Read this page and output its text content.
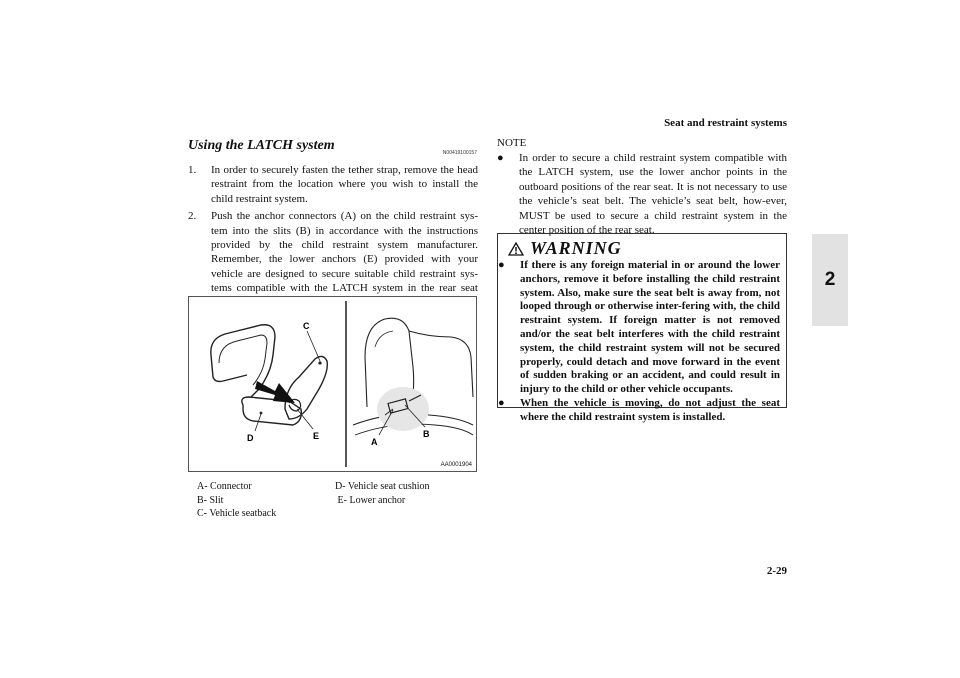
Seat and restraint systems
2
Using the LATCH system	N00419100157
1.	In order to securely fasten the tether strap, remove the head restraint from the location where you wish to install the child restraint system.
2.	Push the anchor connectors (A) on the child restraint sys-tem into the slits (B) in accordance with the instructions provided by the child restraint system manufacturer. Remember, the lower anchors (E) provided with your vehicle are designed to secure suitable child restraint sys-tems compatible with the LATCH system in the rear seat
C
D	E
A
B
AA0001904
A- Connector	D- Vehicle seat cushion
B- Slit	E- Lower anchor
C- Vehicle seatback
NOTE
●	In order to secure a child restraint system compatible with the LATCH system, use the lower anchor points in the outboard positions of the rear seat. It is not necessary to use the vehicle’s seat belt. The vehicle’s seat belt, how-ever, MUST be used to secure a child restraint system in the center position of the rear seat.
WARNING
●	If there is any foreign material in or around the lower anchors, remove it before installing the child restraint system. Also, make sure the seat belt is away from, not looped through or otherwise inter-fering with, the child restraint system. If foreign matter is not removed and/or the seat belt interferes with the child restraint system, the child restraint system will not be secured properly, could detach and move forward in the event of sudden braking or an accident, and could result in injury to the child or other vehicle occupants.
●	When the vehicle is moving, do not adjust the seat where the child restraint system is installed.
2-29
